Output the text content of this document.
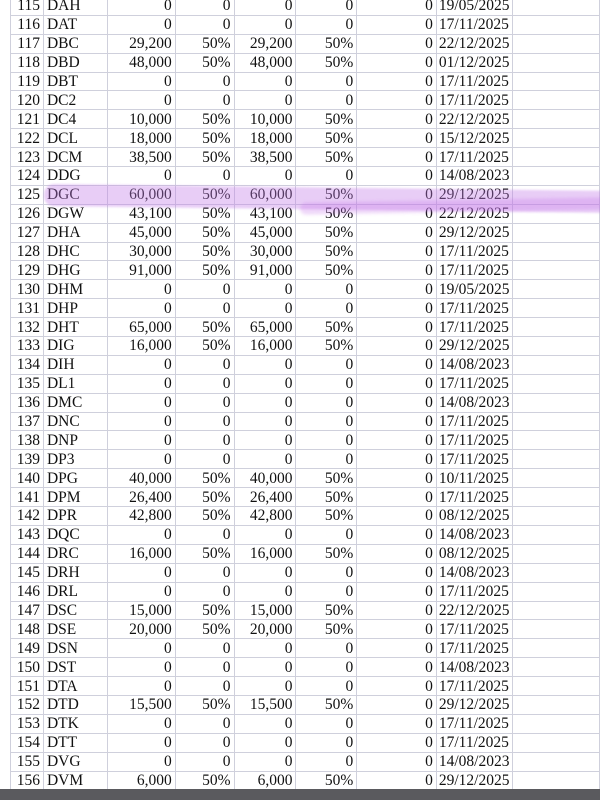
115	DAH	0	0	0	0	0	19/05/2025	
116	DAT	0	0	0	0	0	17/11/2025	
117	DBC	29,200	50%	29,200	50%	0	22/12/2025	
118	DBD	48,000	50%	48,000	50%	0	01/12/2025	
119	DBT	0	0	0	0	0	17/11/2025	
120	DC2	0	0	0	0	0	17/11/2025	
121	DC4	10,000	50%	10,000	50%	0	22/12/2025	
122	DCL	18,000	50%	18,000	50%	0	15/12/2025	
123	DCM	38,500	50%	38,500	50%	0	17/11/2025	
124	DDG	0	0	0	0	0	14/08/2023	
125	DGC	60,000	50%	60,000	50%	0	29/12/2025	
126	DGW	43,100	50%	43,100	50%	0	22/12/2025	
127	DHA	45,000	50%	45,000	50%	0	29/12/2025	
128	DHC	30,000	50%	30,000	50%	0	17/11/2025	
129	DHG	91,000	50%	91,000	50%	0	17/11/2025	
130	DHM	0	0	0	0	0	19/05/2025	
131	DHP	0	0	0	0	0	17/11/2025	
132	DHT	65,000	50%	65,000	50%	0	17/11/2025	
133	DIG	16,000	50%	16,000	50%	0	29/12/2025	
134	DIH	0	0	0	0	0	14/08/2023	
135	DL1	0	0	0	0	0	17/11/2025	
136	DMC	0	0	0	0	0	14/08/2023	
137	DNC	0	0	0	0	0	17/11/2025	
138	DNP	0	0	0	0	0	17/11/2025	
139	DP3	0	0	0	0	0	17/11/2025	
140	DPG	40,000	50%	40,000	50%	0	10/11/2025	
141	DPM	26,400	50%	26,400	50%	0	17/11/2025	
142	DPR	42,800	50%	42,800	50%	0	08/12/2025	
143	DQC	0	0	0	0	0	14/08/2023	
144	DRC	16,000	50%	16,000	50%	0	08/12/2025	
145	DRH	0	0	0	0	0	14/08/2023	
146	DRL	0	0	0	0	0	17/11/2025	
147	DSC	15,000	50%	15,000	50%	0	22/12/2025	
148	DSE	20,000	50%	20,000	50%	0	17/11/2025	
149	DSN	0	0	0	0	0	17/11/2025	
150	DST	0	0	0	0	0	14/08/2023	
151	DTA	0	0	0	0	0	17/11/2025	
152	DTD	15,500	50%	15,500	50%	0	29/12/2025	
153	DTK	0	0	0	0	0	17/11/2025	
154	DTT	0	0	0	0	0	17/11/2025	
155	DVG	0	0	0	0	0	14/08/2023	
156	DVM	6,000	50%	6,000	50%	0	29/12/2025	
